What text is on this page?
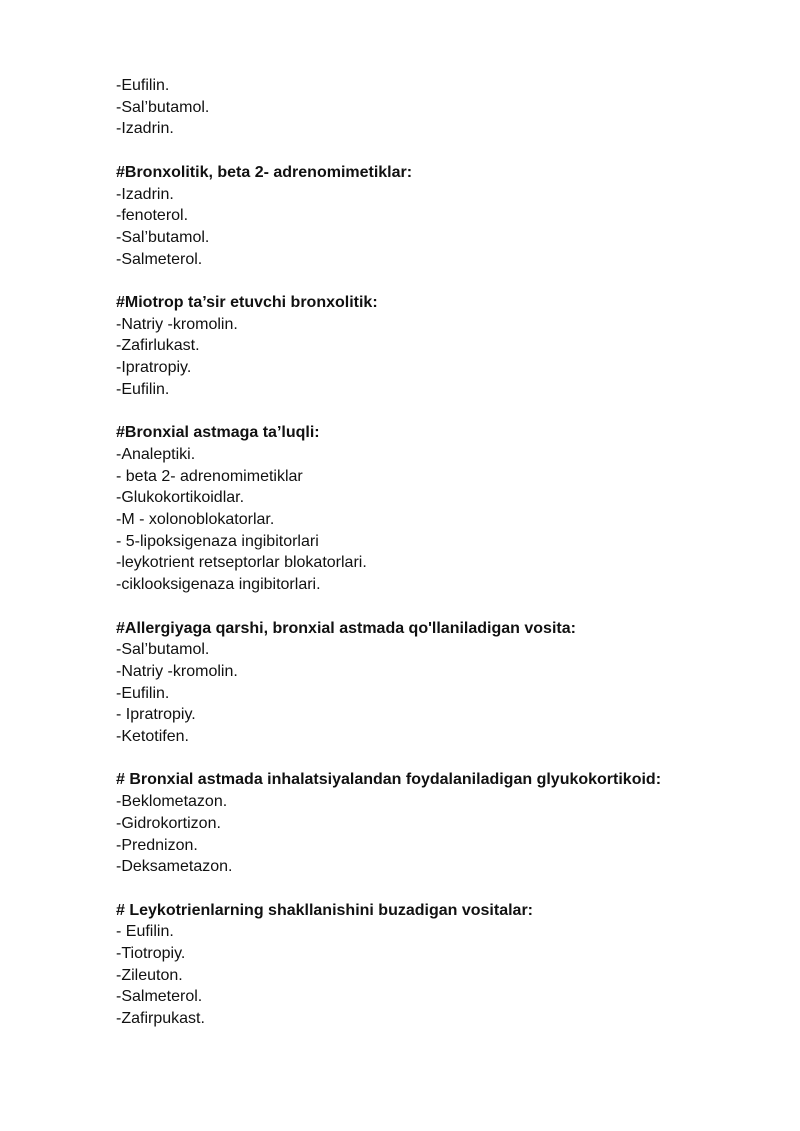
-Eufilin.
-Sal’butamol.
-Izadrin.
#Bronxolitik, beta 2- adrenomimetiklar:
-Izadrin.
-fenoterol.
-Sal’butamol.
-Salmeterol.
#Miotrop ta’sir etuvchi bronxolitik:
-Natriy -kromolin.
-Zafirlukast.
-Ipratropiy.
-Eufilin.
#Bronxial astmaga ta’luqli:
-Analeptiki.
- beta 2- adrenomimetiklar
-Glukokortikoidlar.
-M - xolonoblokatorlar.
- 5-lipoksigenaza ingibitorlari
-leykotrient retseptorlar blokatorlari.
-ciklooksigenaza ingibitorlari.
#Allergiyaga qarshi, bronxial astmada qo'llaniladigan vosita:
-Sal’butamol.
-Natriy -kromolin.
-Eufilin.
- Ipratropiy.
-Ketotifen.
# Bronxial astmada inhalatsiyalandan foydalaniladigan glyukokortikoid:
-Beklometazon.
-Gidrokortizon.
-Prednizon.
-Deksametazon.
# Leykotrienlarning shakllanishini buzadigan vositalar:
- Eufilin.
-Tiotropiy.
-Zileuton.
-Salmeterol.
-Zafirpukast.
